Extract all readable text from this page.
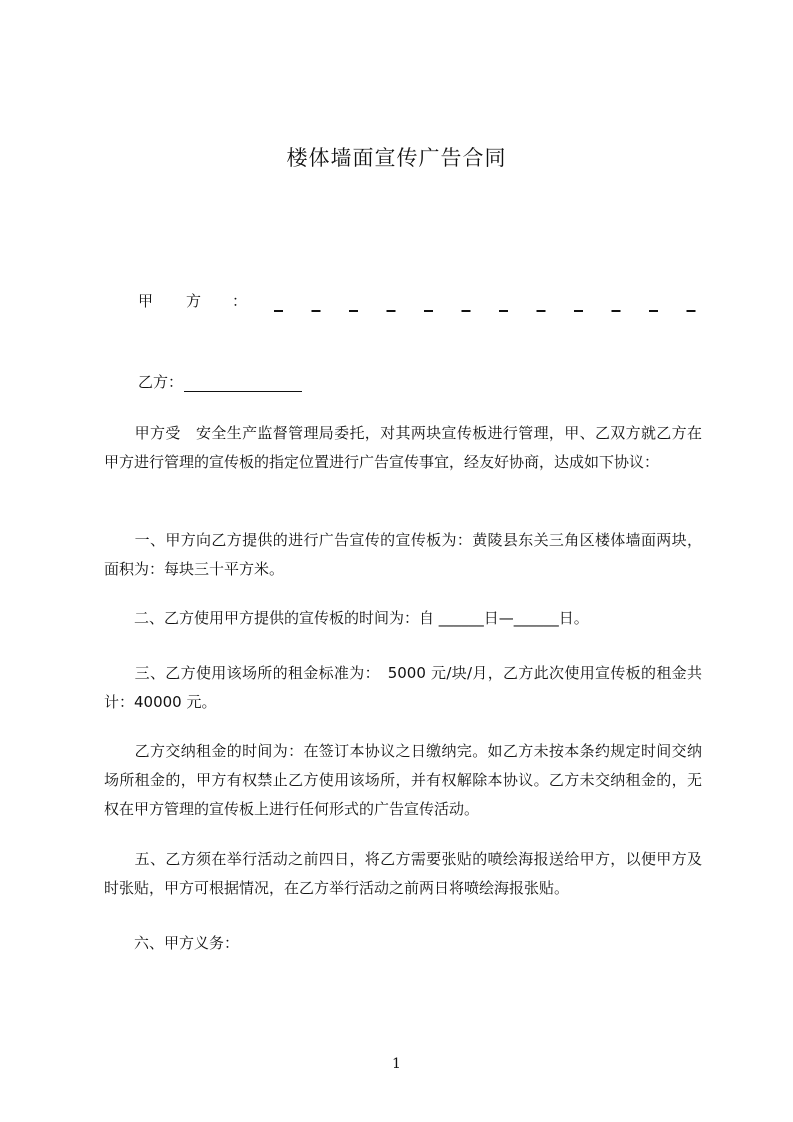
楼体墙面宣传广告合同
甲 方 ：
乙方：

　　甲方受　安全生产监督管理局委托，对其两块宣传板进行管理，甲、乙双方就乙方在甲方进行管理的宣传板的指定位置进行广告宣传事宜，经友好协商，达成如下协议：

　　一、甲方向乙方提供的进行广告宣传的宣传板为：黄陵县东关三角区楼体墙面两块，面积为：每块三十平方米。

　　二、乙方使用甲方提供的宣传板的时间为：自 ______日—______日。

　　三、乙方使用该场所的租金标准为：　5000 元/块/月，乙方此次使用宣传板的租金共计：40000 元。

　　乙方交纳租金的时间为：在签订本协议之日缴纳完。如乙方未按本条约规定时间交纳场所租金的，甲方有权禁止乙方使用该场所，并有权解除本协议。乙方未交纳租金的，无权在甲方管理的宣传板上进行任何形式的广告宣传活动。

　　五、乙方须在举行活动之前四日，将乙方需要张贴的喷绘海报送给甲方，以便甲方及时张贴，甲方可根据情况，在乙方举行活动之前两日将喷绘海报张贴。

　　六、甲方义务：

1
